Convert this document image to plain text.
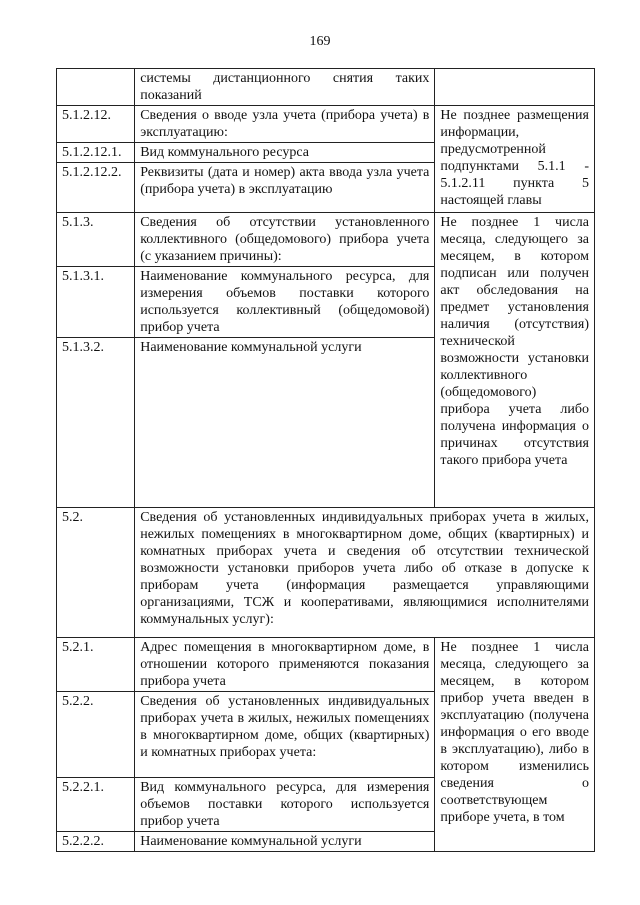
169
	системы дистанционного снятия таких показаний	
5.1.2.12.	Сведения о вводе узла учета (прибора учета) в эксплуатацию:	Не позднее размещения информации, предусмотренной подпунктами 5.1.1 - 5.1.2.11 пункта 5 настоящей главы
5.1.2.12.1.	Вид коммунального ресурса	
5.1.2.12.2.	Реквизиты (дата и номер) акта ввода узла учета (прибора учета) в эксплуатацию	
5.1.3.	Сведения об отсутствии установленного коллективного (общедомового) прибора учета (с указанием причины):	Не позднее 1 числа месяца, следующего за месяцем, в котором подписан или получен акт обследования на предмет установления наличия (отсутствия) технической возможности установки коллективного (общедомового) прибора учета либо получена информация о причинах отсутствия такого прибора учета
5.1.3.1.	Наименование коммунального ресурса, для измерения объемов поставки которого используется коллективный (общедомовой) прибор учета	
5.1.3.2.	Наименование коммунальной услуги	
5.2.	Сведения об установленных индивидуальных приборах учета в жилых, нежилых помещениях в многоквартирном доме, общих (квартирных) и комнатных приборах учета и сведения об отсутствии технической возможности установки приборов учета либо об отказе в допуске к приборам учета (информация размещается управляющими организациями, ТСЖ и кооперативами, являющимися исполнителями коммунальных услуг):	
5.2.1.	Адрес помещения в многоквартирном доме, в отношении которого применяются показания прибора учета	Не позднее 1 числа месяца, следующего за месяцем, в котором прибор учета введен в эксплуатацию (получена информация о его вводе в эксплуатацию), либо в котором изменились сведения о соответствующем приборе учета, в том
5.2.2.	Сведения об установленных индивидуальных приборах учета в жилых, нежилых помещениях в многоквартирном доме, общих (квартирных) и комнатных приборах учета:	
5.2.2.1.	Вид коммунального ресурса, для измерения объемов поставки которого используется прибор учета	
5.2.2.2.	Наименование коммунальной услуги	
